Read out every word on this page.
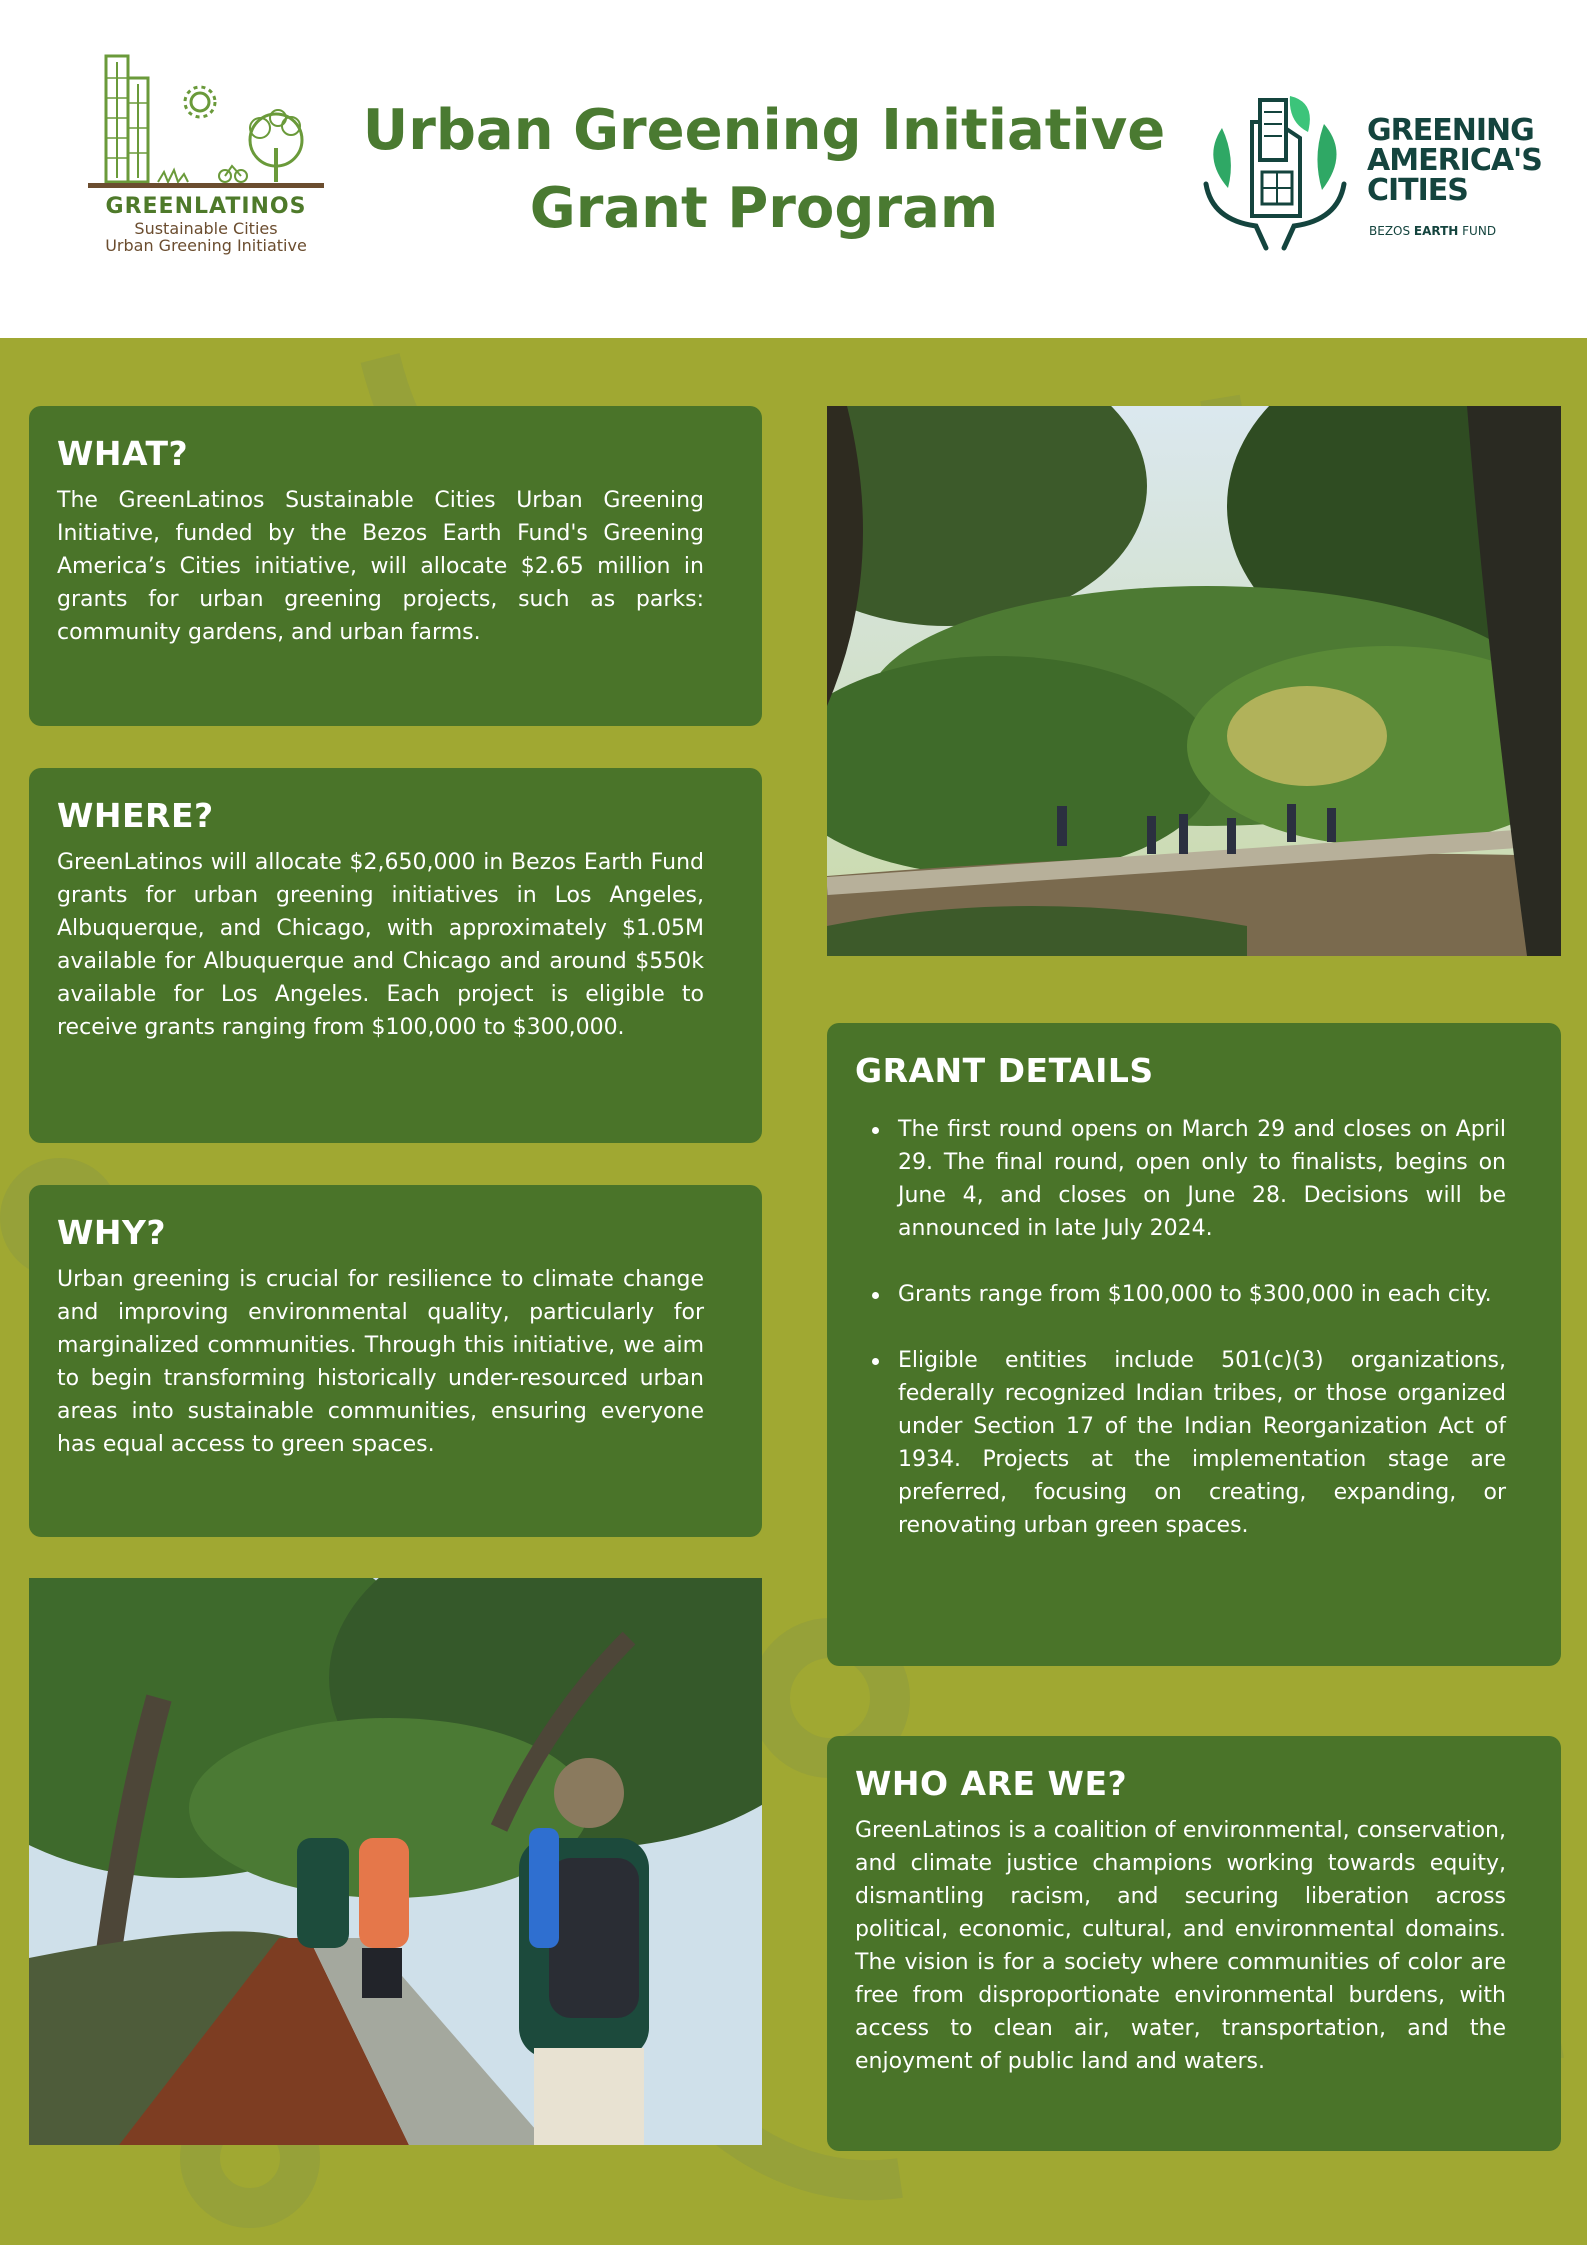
GREENLATINOS
Sustainable Cities
Urban Greening Initiative
Urban Greening Initiative
Grant Program
GREENING
AMERICA'S
CITIES
BEZOS EARTH FUND
WHAT?

The GreenLatinos Sustainable Cities Urban Greening Initiative, funded by the Bezos Earth Fund's Greening America’s Cities initiative, will allocate $2.65 million in grants for urban greening projects, such as parks: community gardens, and urban farms.

WHERE?

GreenLatinos will allocate $2,650,000 in Bezos Earth Fund grants for urban greening initiatives in Los Angeles, Albuquerque, and Chicago, with approximately $1.05M available for Albuquerque and Chicago and around $550k available for Los Angeles. Each project is eligible to receive grants ranging from $100,000 to $300,000.

WHY?

Urban greening is crucial for resilience to climate change and improving environmental quality, particularly for marginalized communities. Through this initiative, we aim to begin transforming historically under-resourced urban areas into sustainable communities, ensuring everyone has equal access to green spaces.

GRANT DETAILS
The first round opens on March 29 and closes on April 29. The final round, open only to finalists, begins on June 4, and closes on June 28. Decisions will be announced in late July 2024.
Grants range from $100,000 to $300,000 in each city.
Eligible entities include 501(c)(3) organizations, federally recognized Indian tribes, or those organized under Section 17 of the Indian Reorganization Act of 1934. Projects at the implementation stage are preferred, focusing on creating, expanding, or renovating urban green spaces.
WHO ARE WE?

GreenLatinos is a coalition of environmental, conservation, and climate justice champions working towards equity, dismantling racism, and securing liberation across political, economic, cultural, and environmental domains. The vision is for a society where communities of color are free from disproportionate environmental burdens, with access to clean air, water, transportation, and the enjoyment of public land and waters.
